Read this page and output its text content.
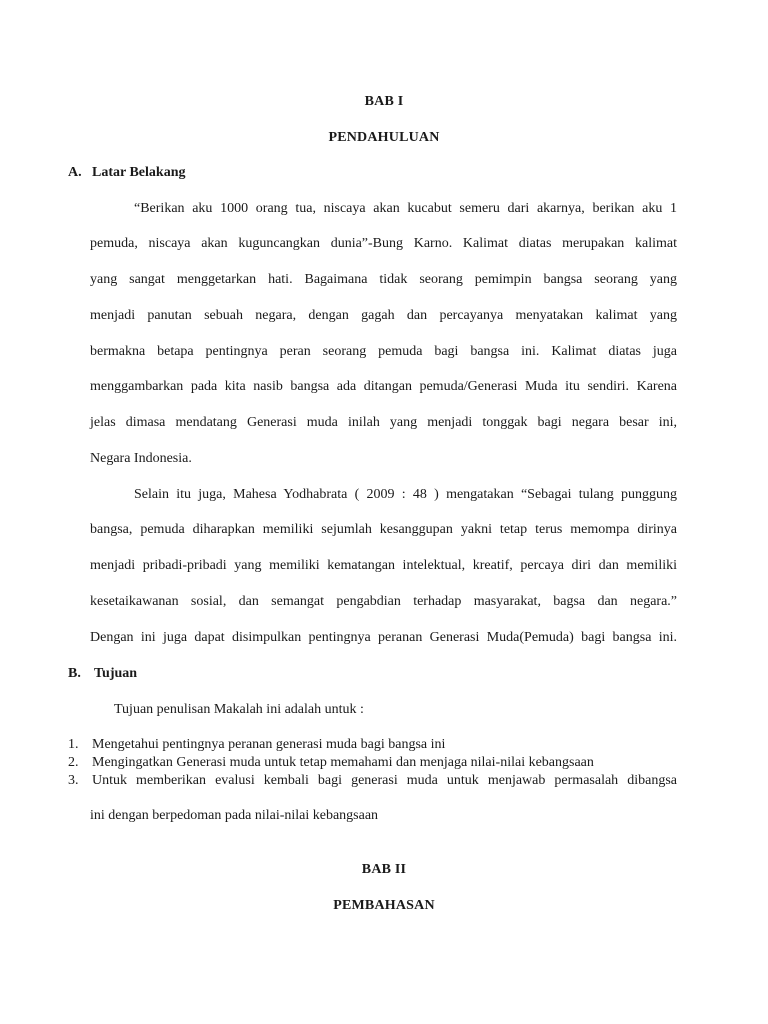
BAB I
PENDAHULUAN
A. Latar Belakang
“Berikan aku 1000 orang tua, niscaya akan kucabut semeru dari akarnya, berikan aku 1
pemuda, niscaya akan kuguncangkan dunia”-Bung Karno. Kalimat diatas merupakan kalimat
yang sangat menggetarkan hati. Bagaimana tidak seorang pemimpin bangsa seorang yang
menjadi panutan sebuah negara, dengan gagah dan percayanya menyatakan kalimat yang
bermakna betapa pentingnya peran seorang pemuda bagi bangsa ini. Kalimat diatas juga
menggambarkan pada kita nasib bangsa ada ditangan pemuda/Generasi Muda itu sendiri. Karena
jelas dimasa mendatang Generasi muda inilah yang menjadi tonggak bagi negara besar ini,
Negara Indonesia.
Selain itu juga, Mahesa Yodhabrata ( 2009 : 48 ) mengatakan “Sebagai tulang punggung
bangsa, pemuda diharapkan memiliki sejumlah kesanggupan yakni tetap terus memompa dirinya
menjadi pribadi-pribadi yang memiliki kematangan intelektual, kreatif, percaya diri dan memiliki
kesetaikawanan sosial, dan semangat pengabdian terhadap masyarakat, bagsa dan negara.”
Dengan ini juga dapat disimpulkan pentingnya peranan Generasi Muda(Pemuda) bagi bangsa ini.
B. Tujuan
Tujuan penulisan Makalah ini adalah untuk :
1. Mengetahui pentingnya peranan generasi muda bagi bangsa ini
2. Mengingatkan Generasi muda untuk tetap memahami dan menjaga nilai-nilai kebangsaan
3. Untuk memberikan evalusi kembali bagi generasi muda untuk menjawab permasalah dibangsa
ini dengan berpedoman pada nilai-nilai kebangsaan
BAB II
PEMBAHASAN
